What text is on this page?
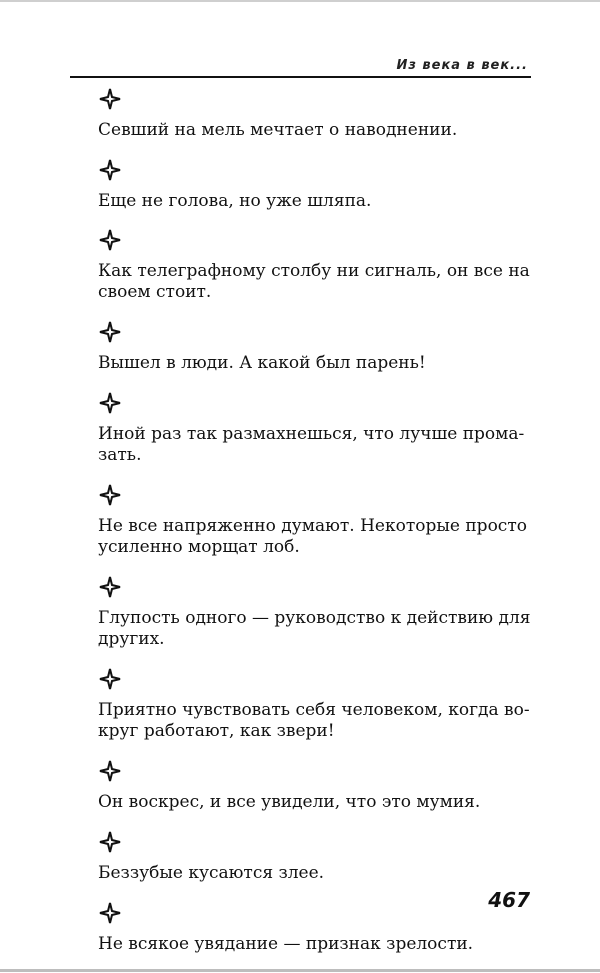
Из века в век...

Севший на мель мечтает о наводнении.

Еще не голова, но уже шляпа.

Как телеграфному столбу ни сигналь, он все на
своем стоит.

Вышел в люди. А какой был парень!

Иной раз так размахнешься, что лучше прома-
зать.

Не все напряженно думают. Некоторые просто
усиленно морщат лоб.

Глупость одного — руководство к действию для
других.

Приятно чувствовать себя человеком, когда во-
круг работают, как звери!

Он воскрес, и все увидели, что это мумия.

Беззубые кусаются злее.

Не всякое увядание — признак зрелости.

467
